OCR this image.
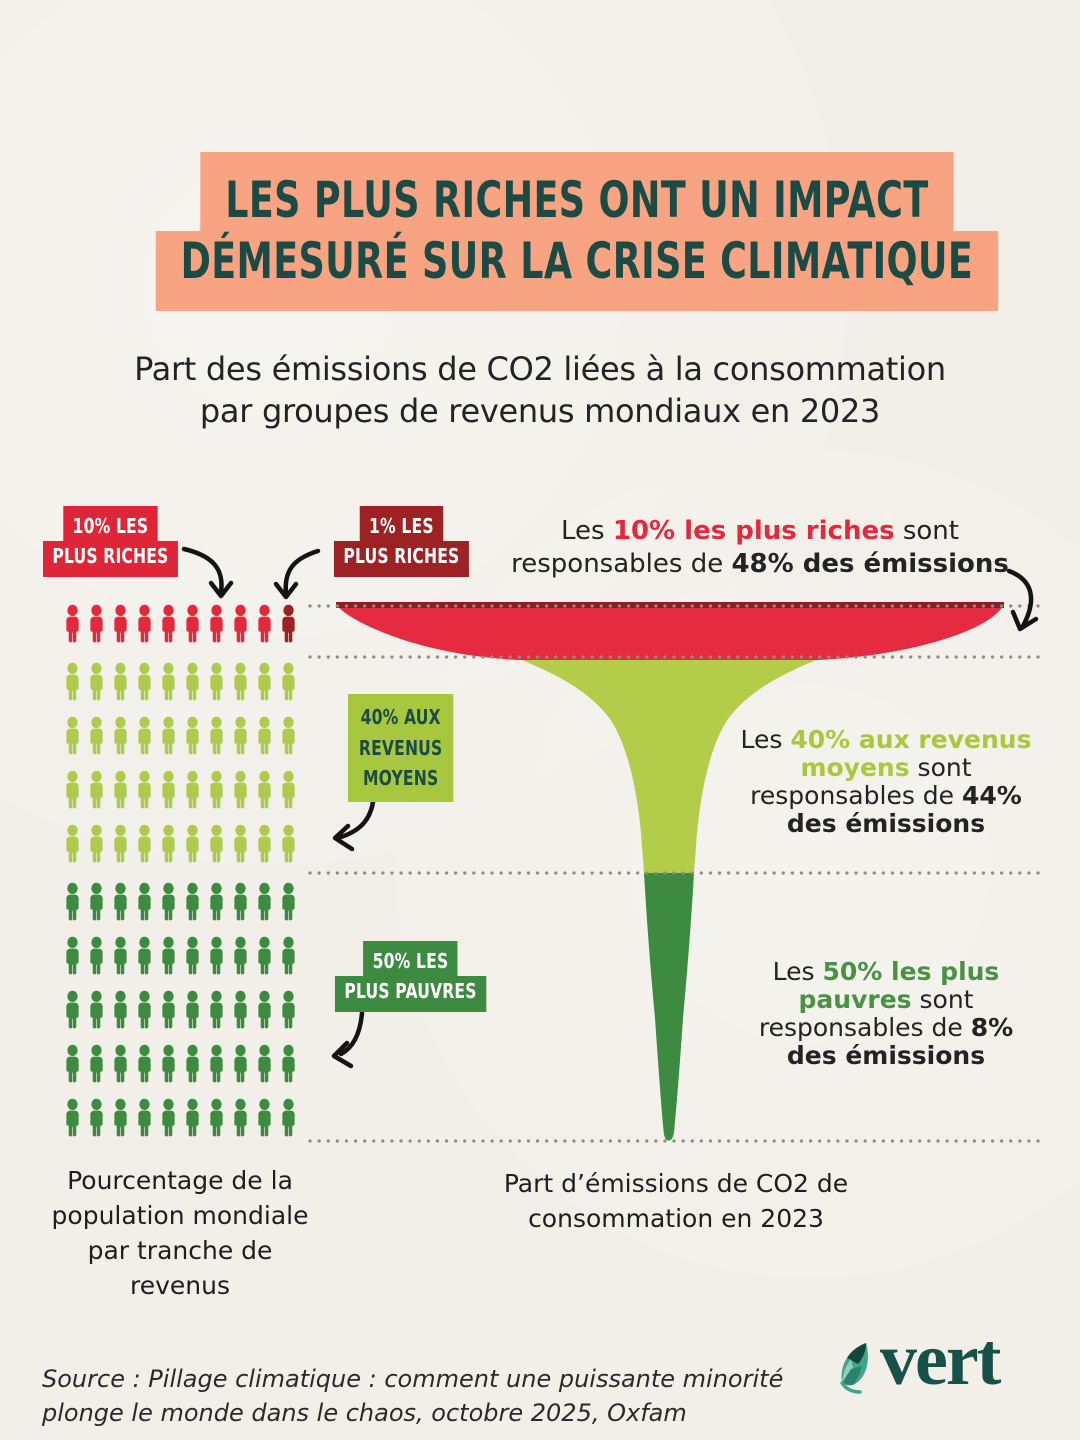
LES PLUS RICHES ONT UN IMPACT
DÉMESURÉ SUR LA CRISE CLIMATIQUE
Part des émissions de CO2 liées à la consommation
par groupes de revenus mondiaux en 2023
10% LES
PLUS RICHES
1% LES
PLUS RICHES
40% AUX
REVENUS
MOYENS
50% LES
PLUS PAUVRES
Les 10% les plus riches sont
responsables de 48% des émissions
Les 40% aux revenus
moyens sont
responsables de 44%
des émissions
Les 50% les plus
pauvres sont
responsables de 8%
des émissions
Pourcentage de la
population mondiale
par tranche de revenus
Part d’émissions de CO2 de
consommation en 2023
Source : Pillage climatique : comment une puissante minorité
plonge le monde dans le chaos, octobre 2025, Oxfam
vert
